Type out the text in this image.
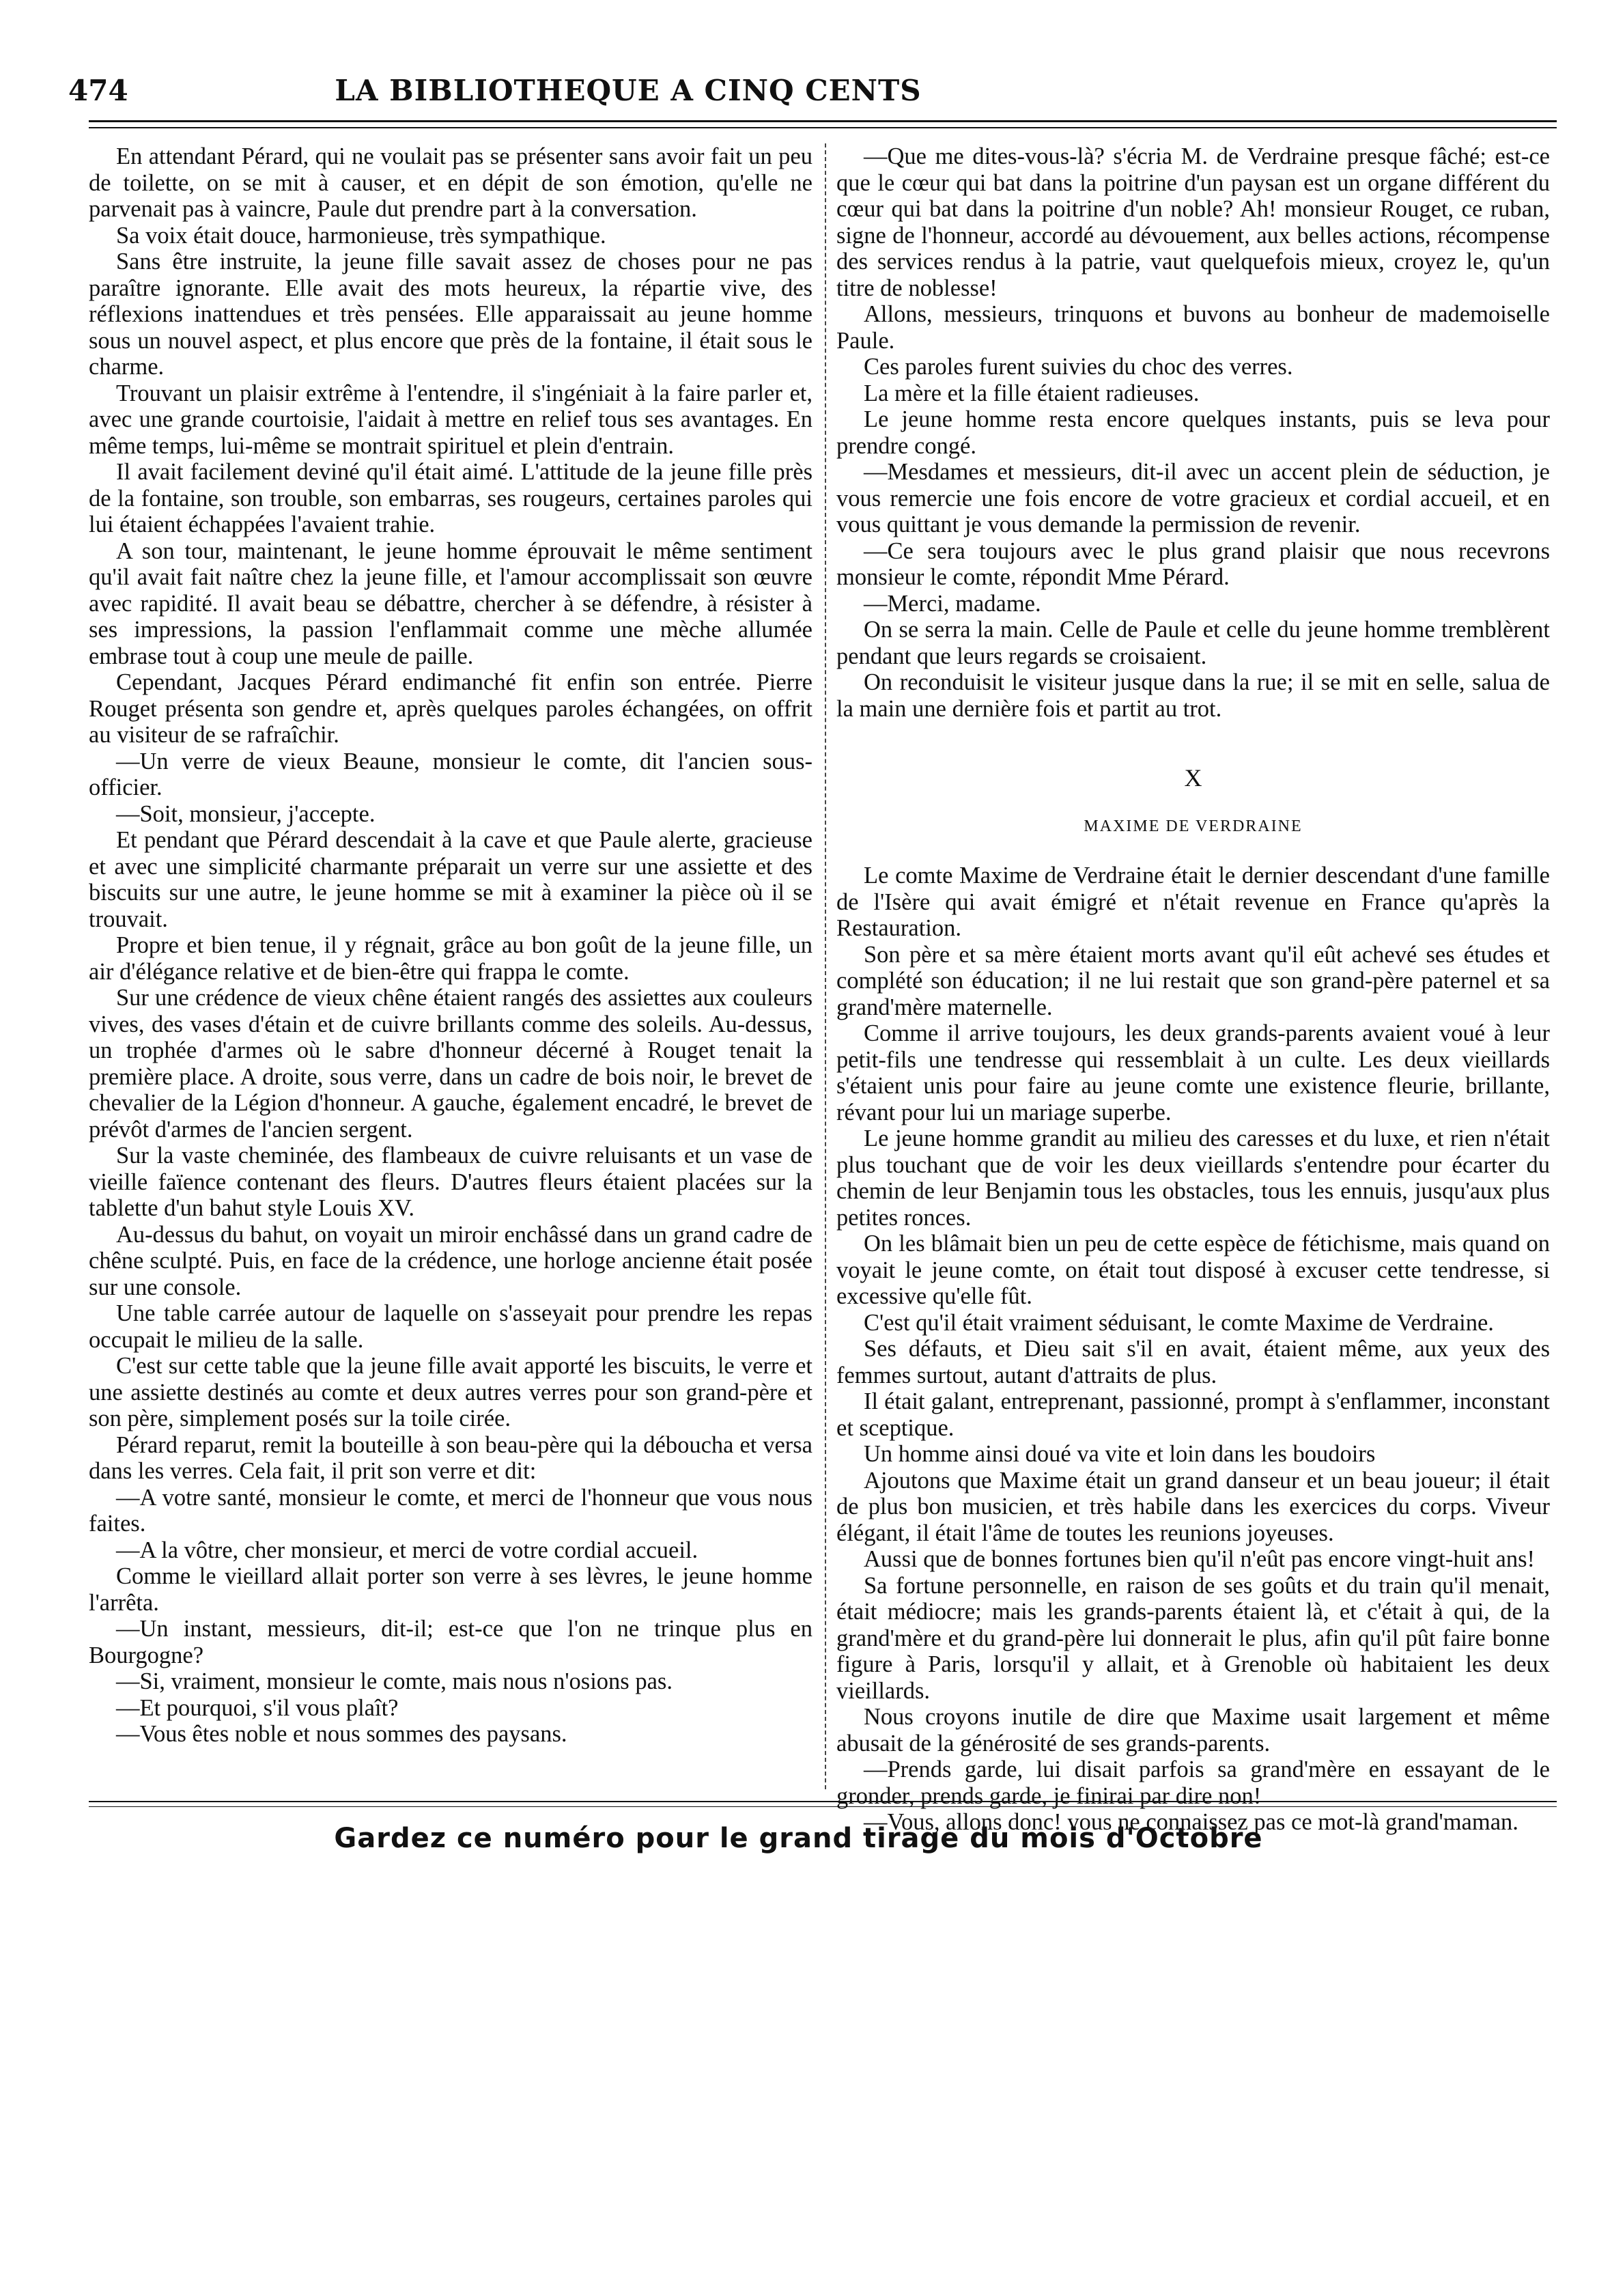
474	LA BIBLIOTHEQUE A CINQ CENTS

En attendant Pérard, qui ne voulait pas se présenter sans avoir fait un peu de toilette, on se mit à causer, et en dépit de son émotion, qu'elle ne parvenait pas à vaincre, Paule dut prendre part à la conversation.

Sa voix était douce, harmonieuse, très sympathique.

Sans être instruite, la jeune fille savait assez de choses pour ne pas paraître ignorante. Elle avait des mots heureux, la répartie vive, des réflexions inattendues et très pensées. Elle apparaissait au jeune homme sous un nouvel aspect, et plus encore que près de la fontaine, il était sous le charme.

Trouvant un plaisir extrême à l'entendre, il s'ingéniait à la faire parler et, avec une grande courtoisie, l'aidait à mettre en relief tous ses avantages. En même temps, lui-même se montrait spirituel et plein d'entrain.

Il avait facilement deviné qu'il était aimé. L'attitude de la jeune fille près de la fontaine, son trouble, son embarras, ses rougeurs, certaines paroles qui lui étaient échappées l'avaient trahie.

A son tour, maintenant, le jeune homme éprouvait le même sentiment qu'il avait fait naître chez la jeune fille, et l'amour accomplissait son œuvre avec rapidité. Il avait beau se débattre, chercher à se défendre, à résister à ses impressions, la passion l'enflammait comme une mèche allumée embrase tout à coup une meule de paille.

Cependant, Jacques Pérard endimanché fit enfin son entrée. Pierre Rouget présenta son gendre et, après quelques paroles échangées, on offrit au visiteur de se rafraîchir.

—Un verre de vieux Beaune, monsieur le comte, dit l'ancien sous-officier.

—Soit, monsieur, j'accepte.

Et pendant que Pérard descendait à la cave et que Paule alerte, gracieuse et avec une simplicité charmante préparait un verre sur une assiette et des biscuits sur une autre, le jeune homme se mit à examiner la pièce où il se trouvait.

Propre et bien tenue, il y régnait, grâce au bon goût de la jeune fille, un air d'élégance relative et de bien-être qui frappa le comte.

Sur une crédence de vieux chêne étaient rangés des assiettes aux couleurs vives, des vases d'étain et de cuivre brillants comme des soleils. Au-dessus, un trophée d'armes où le sabre d'honneur décerné à Rouget tenait la première place. A droite, sous verre, dans un cadre de bois noir, le brevet de chevalier de la Légion d'honneur. A gauche, également encadré, le brevet de prévôt d'armes de l'ancien sergent.

Sur la vaste cheminée, des flambeaux de cuivre reluisants et un vase de vieille faïence contenant des fleurs. D'autres fleurs étaient placées sur la tablette d'un bahut style Louis XV.

Au-dessus du bahut, on voyait un miroir enchâssé dans un grand cadre de chêne sculpté. Puis, en face de la crédence, une horloge ancienne était posée sur une console.

Une table carrée autour de laquelle on s'asseyait pour prendre les repas occupait le milieu de la salle.

C'est sur cette table que la jeune fille avait apporté les biscuits, le verre et une assiette destinés au comte et deux autres verres pour son grand-père et son père, simplement posés sur la toile cirée.

Pérard reparut, remit la bouteille à son beau-père qui la déboucha et versa dans les verres. Cela fait, il prit son verre et dit:

—A votre santé, monsieur le comte, et merci de l'honneur que vous nous faites.

—A la vôtre, cher monsieur, et merci de votre cordial accueil.

Comme le vieillard allait porter son verre à ses lèvres, le jeune homme l'arrêta.

—Un instant, messieurs, dit-il; est-ce que l'on ne trinque plus en Bourgogne?

—Si, vraiment, monsieur le comte, mais nous n'osions pas.

—Et pourquoi, s'il vous plaît?

—Vous êtes noble et nous sommes des paysans.

—Que me dites-vous-là? s'écria M. de Verdraine presque fâché; est-ce que le cœur qui bat dans la poitrine d'un paysan est un organe différent du cœur qui bat dans la poitrine d'un noble? Ah! monsieur Rouget, ce ruban, signe de l'honneur, accordé au dévouement, aux belles actions, récompense des services rendus à la patrie, vaut quelquefois mieux, croyez le, qu'un titre de noblesse!

Allons, messieurs, trinquons et buvons au bonheur de mademoiselle Paule.

Ces paroles furent suivies du choc des verres.

La mère et la fille étaient radieuses.

Le jeune homme resta encore quelques instants, puis se leva pour prendre congé.

—Mesdames et messieurs, dit-il avec un accent plein de séduction, je vous remercie une fois encore de votre gracieux et cordial accueil, et en vous quittant je vous demande la permission de revenir.

—Ce sera toujours avec le plus grand plaisir que nous recevrons monsieur le comte, répondit Mme Pérard.

—Merci, madame.

On se serra la main. Celle de Paule et celle du jeune homme tremblèrent pendant que leurs regards se croisaient.

On reconduisit le visiteur jusque dans la rue; il se mit en selle, salua de la main une dernière fois et partit au trot.

X
MAXIME DE VERDRAINE

Le comte Maxime de Verdraine était le dernier descendant d'une famille de l'Isère qui avait émigré et n'était revenue en France qu'après la Restauration.

Son père et sa mère étaient morts avant qu'il eût achevé ses études et complété son éducation; il ne lui restait que son grand-père paternel et sa grand'mère maternelle.

Comme il arrive toujours, les deux grands-parents avaient voué à leur petit-fils une tendresse qui ressemblait à un culte. Les deux vieillards s'étaient unis pour faire au jeune comte une existence fleurie, brillante, révant pour lui un mariage superbe.

Le jeune homme grandit au milieu des caresses et du luxe, et rien n'était plus touchant que de voir les deux vieillards s'entendre pour écarter du chemin de leur Benjamin tous les obstacles, tous les ennuis, jusqu'aux plus petites ronces.

On les blâmait bien un peu de cette espèce de fétichisme, mais quand on voyait le jeune comte, on était tout disposé à excuser cette tendresse, si excessive qu'elle fût.

C'est qu'il était vraiment séduisant, le comte Maxime de Verdraine.

Ses défauts, et Dieu sait s'il en avait, étaient même, aux yeux des femmes surtout, autant d'attraits de plus.

Il était galant, entreprenant, passionné, prompt à s'enflammer, inconstant et sceptique.

Un homme ainsi doué va vite et loin dans les boudoirs

Ajoutons que Maxime était un grand danseur et un beau joueur; il était de plus bon musicien, et très habile dans les exercices du corps. Viveur élégant, il était l'âme de toutes les reunions joyeuses.

Aussi que de bonnes fortunes bien qu'il n'eût pas encore vingt-huit ans!

Sa fortune personnelle, en raison de ses goûts et du train qu'il menait, était médiocre; mais les grands-parents étaient là, et c'était à qui, de la grand'mère et du grand-père lui donnerait le plus, afin qu'il pût faire bonne figure à Paris, lorsqu'il y allait, et à Grenoble où habitaient les deux vieillards.

Nous croyons inutile de dire que Maxime usait largement et même abusait de la générosité de ses grands-parents.

—Prends garde, lui disait parfois sa grand'mère en essayant de le gronder, prends garde, je finirai par dire non!

—Vous, allons donc! vous ne connaissez pas ce mot-là grand'maman.

Gardez ce numéro pour le grand tirage du mois d'Octobre
